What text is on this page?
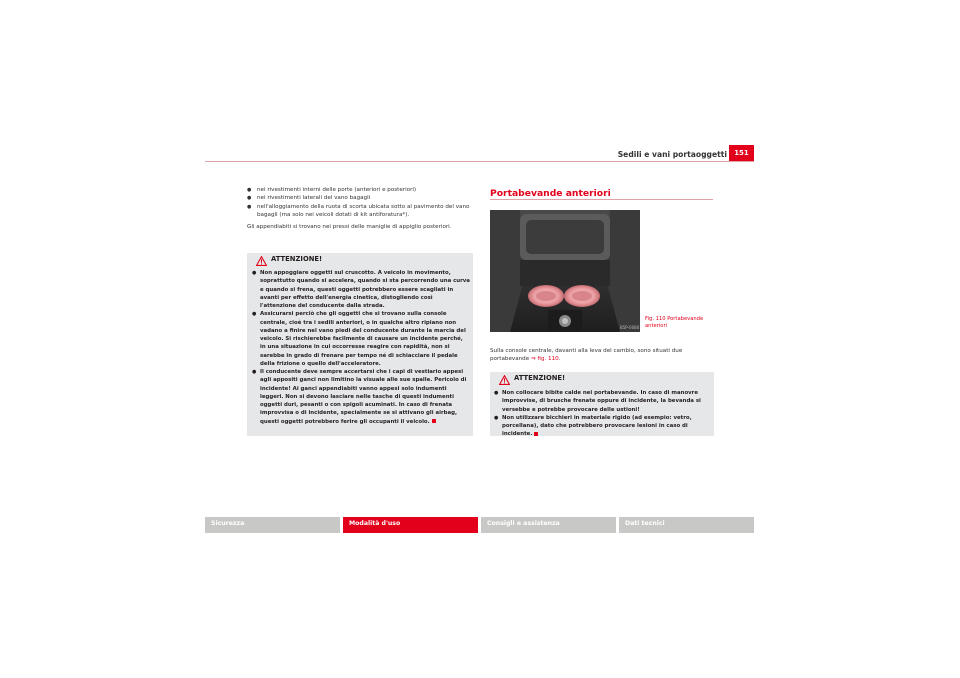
Sedili e vani portaoggetti	151
●	nei rivestimenti interni delle porte (anteriori e posteriori)
●	nei rivestimenti laterali del vano bagagli
●	nell'alloggiamento della ruota di scorta ubicata sotto al pavimento del vano bagagli (ma solo nei veicoli dotati di kit antiforatura*).

Gli appendiabiti si trovano nei pressi delle maniglie di appiglio posteriori.

ATTENZIONE!
● Non appoggiare oggetti sul cruscotto. A veicolo in movimento, soprattutto quando si accelera, quando si sta percorrendo una curva e quando si frena, questi oggetti potrebbero essere scagliati in avanti per effetto dell'energia cinetica, distogliendo così l'attenzione del conducente dalla strada.
● Assicurarsi perciò che gli oggetti che si trovano sulla console centrale, cioè tra i sedili anteriori, o in qualche altro ripiano non vadano a finire nel vano piedi del conducente durante la marcia del veicolo. Si rischierebbe facilmente di causare un incidente perché, in una situazione in cui occorresse reagire con rapidità, non si sarebbe in grado di frenare per tempo né di schiacciare il pedale della frizione o quello dell'acceleratore.
● Il conducente deve sempre accertarsi che i capi di vestiario appesi agli appositi ganci non limitino la visuale alle sue spalle. Pericolo di incidente! Ai ganci appendiabiti vanno appesi solo indumenti leggeri. Non si devono lasciare nelle tasche di questi indumenti oggetti duri, pesanti o con spigoli acuminati. In caso di frenata improvvisa o di incidente, specialmente se si attivano gli airbag, questi oggetti potrebbero ferire gli occupanti il veicolo.
Portabevande anteriori
B5P-0080
Fig. 110 Portabevande anteriori

Sulla console centrale, davanti alla leva del cambio, sono situati due portabevande ⇒ fig. 110.

ATTENZIONE!
● Non collocare bibite calde nei portabevande. In caso di manovre improvvise, di brusche frenate oppure di incidente, la bevanda si versebbe e potrebbe provocare delle ustioni!
● Non utilizzare bicchieri in materiale rigido (ad esempio: vetro, porcellana), dato che potrebbero provocare lesioni in caso di incidente.
Sicurezza	Modalità d'uso	Consigli e assistenza	Dati tecnici
